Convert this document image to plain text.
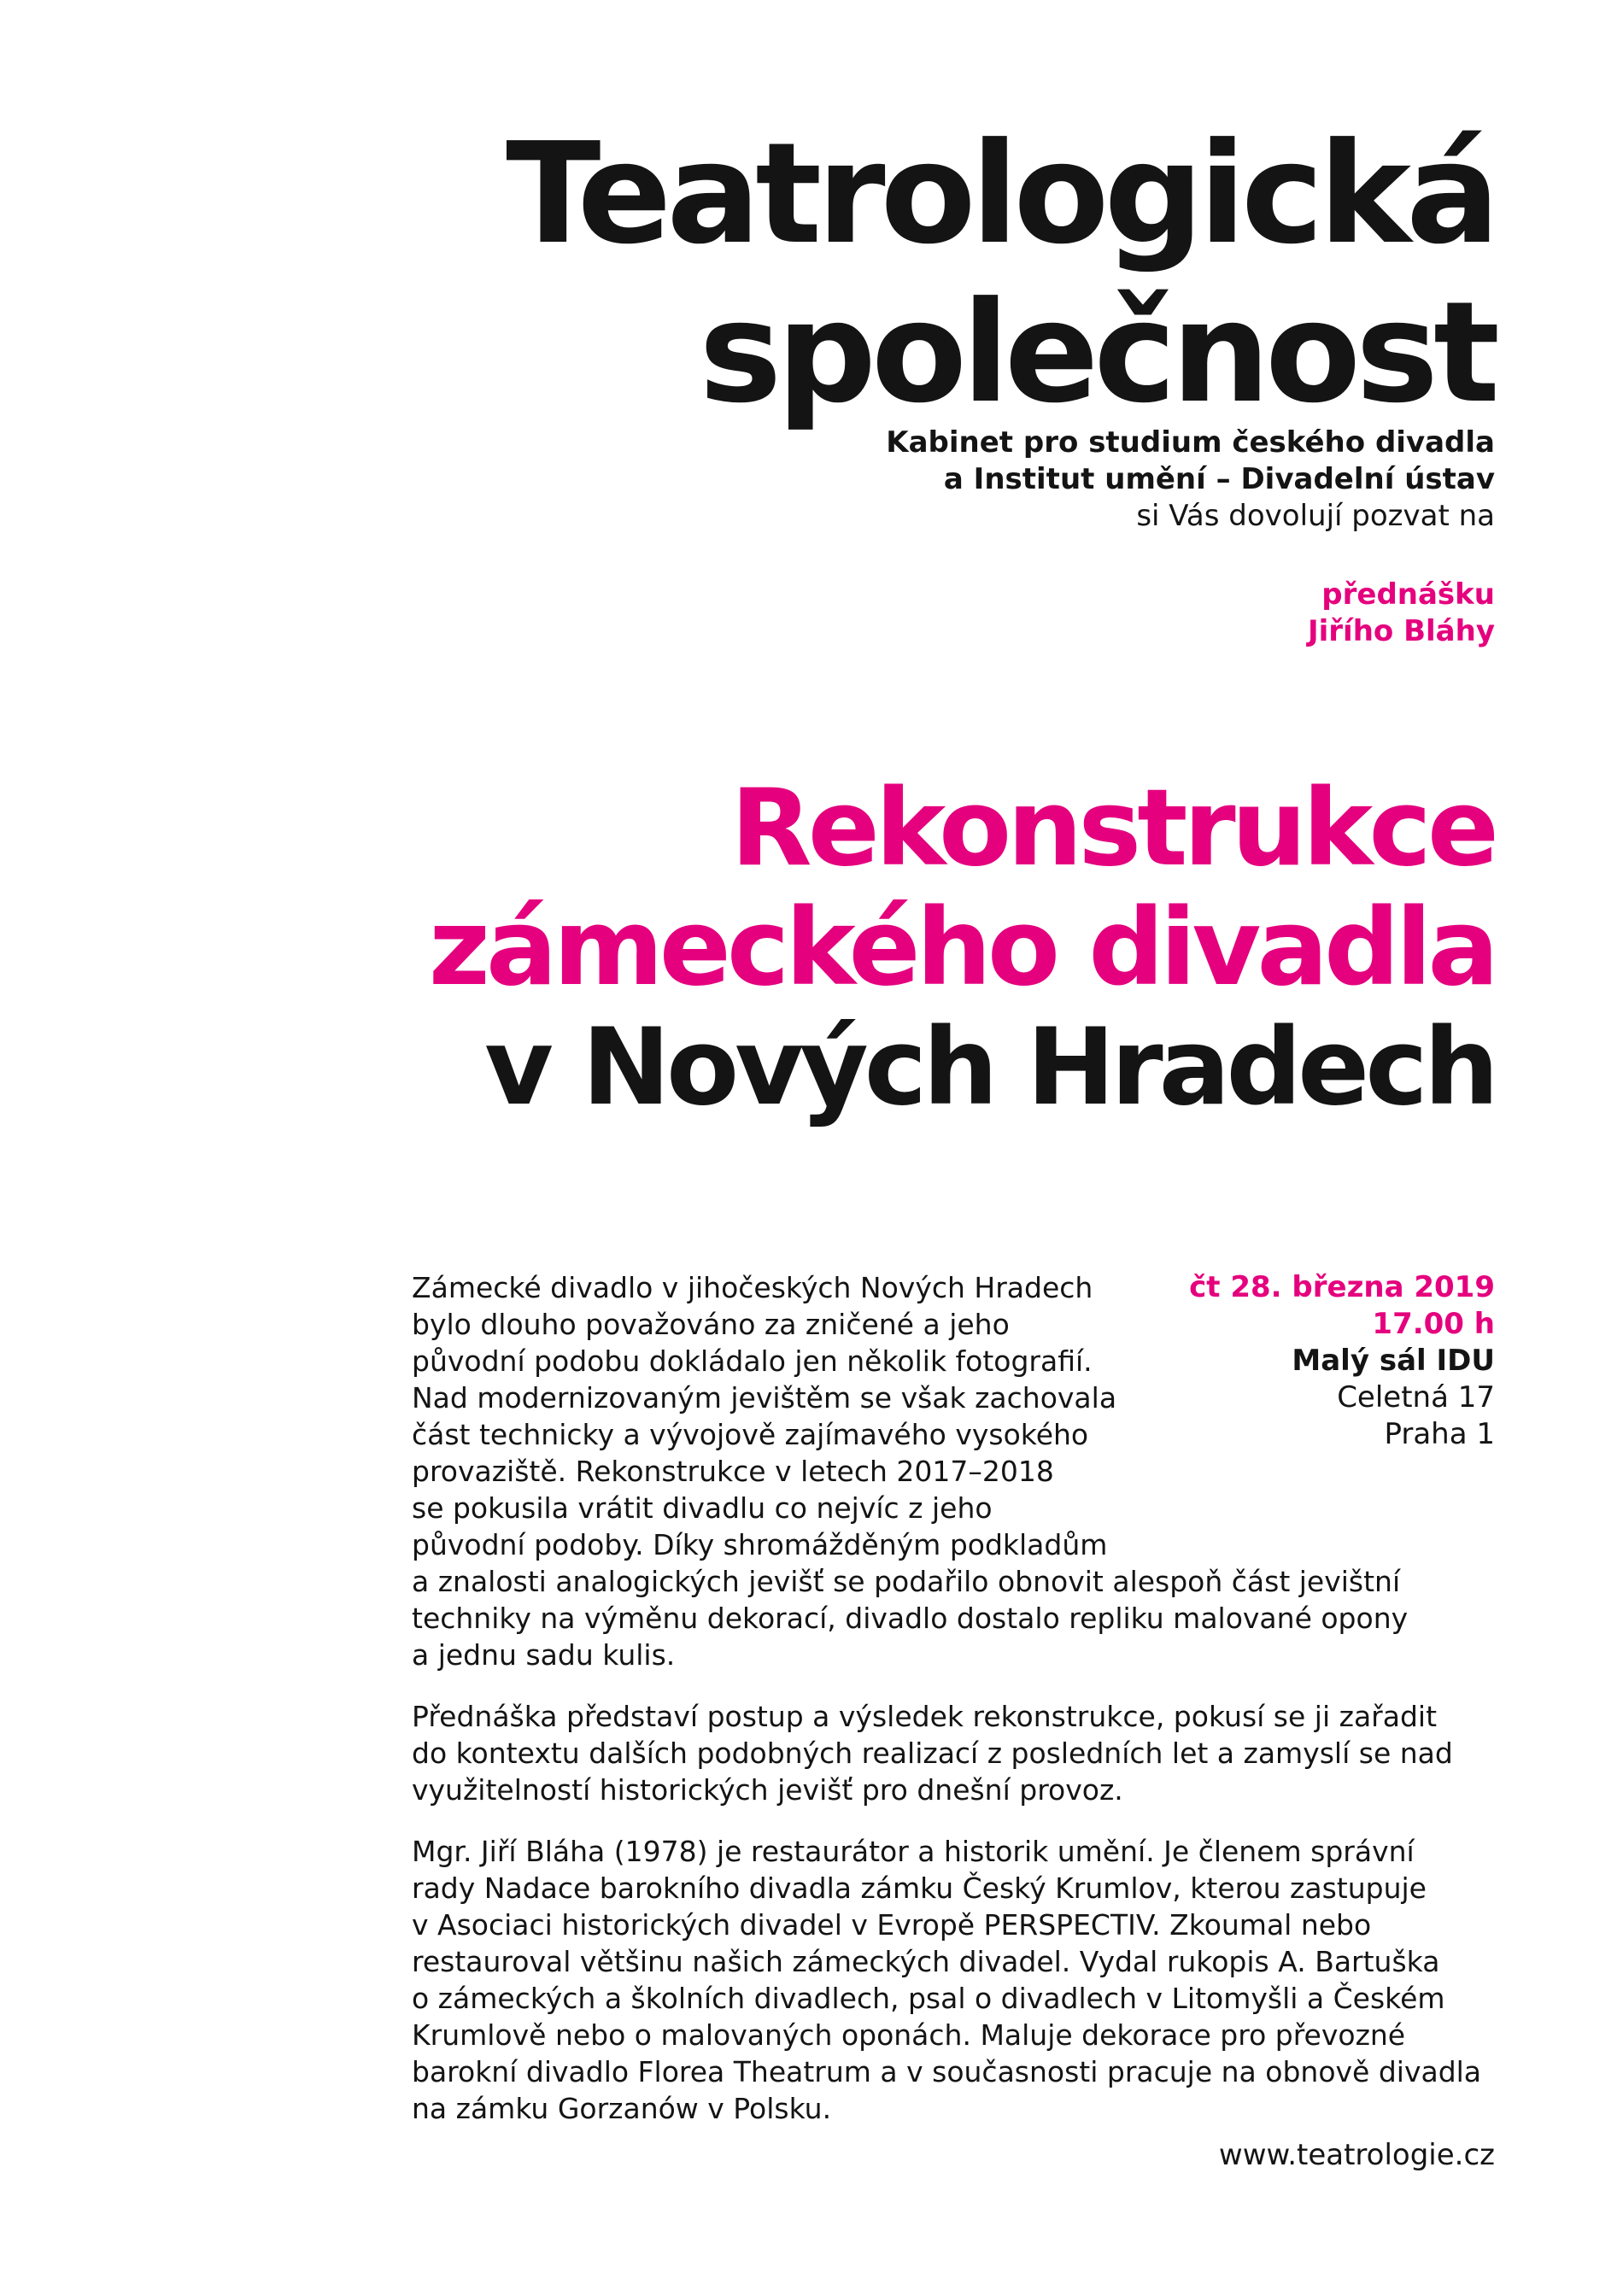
Teatrologická
společnost
Kabinet pro studium českého divadla
a Institut umění – Divadelní ústav
si Vás dovolují pozvat na
přednášku
Jiřího Bláhy
Rekonstrukce
zámeckého divadla
v Nových Hradech

Zámecké divadlo v jihočeských Nových Hradech
bylo dlouho považováno za zničené a jeho
původní podobu dokládalo jen několik fotografií.
Nad modernizovaným jevištěm se však zachovala
část technicky a vývojově zajímavého vysokého
provaziště. Rekonstrukce v letech 2017–2018
se pokusila vrátit divadlu co nejvíc z jeho
původní podoby. Díky shromážděným podkladům
a znalosti analogických jevišť se podařilo obnovit alespoň část jevištní
techniky na výměnu dekorací, divadlo dostalo repliku malované opony
a jednu sadu kulis.

Přednáška představí postup a výsledek rekonstrukce, pokusí se ji zařadit
do kontextu dalších podobných realizací z posledních let a zamyslí se nad
využitelností historických jevišť pro dnešní provoz.

Mgr. Jiří Bláha (1978) je restaurátor a historik umění. Je členem správní
rady Nadace barokního divadla zámku Český Krumlov, kterou zastupuje
v Asociaci historických divadel v Evropě PERSPECTIV. Zkoumal nebo
restauroval většinu našich zámeckých divadel. Vydal rukopis A. Bartuška
o zámeckých a školních divadlech, psal o divadlech v Litomyšli a Českém
Krumlově nebo o malovaných oponách. Maluje dekorace pro převozné
barokní divadlo Florea Theatrum a v současnosti pracuje na obnově divadla
na zámku Gorzanów v Polsku.

čt 28. března 2019
17.00 h
Malý sál IDU
Celetná 17
Praha 1
www.teatrologie.cz
